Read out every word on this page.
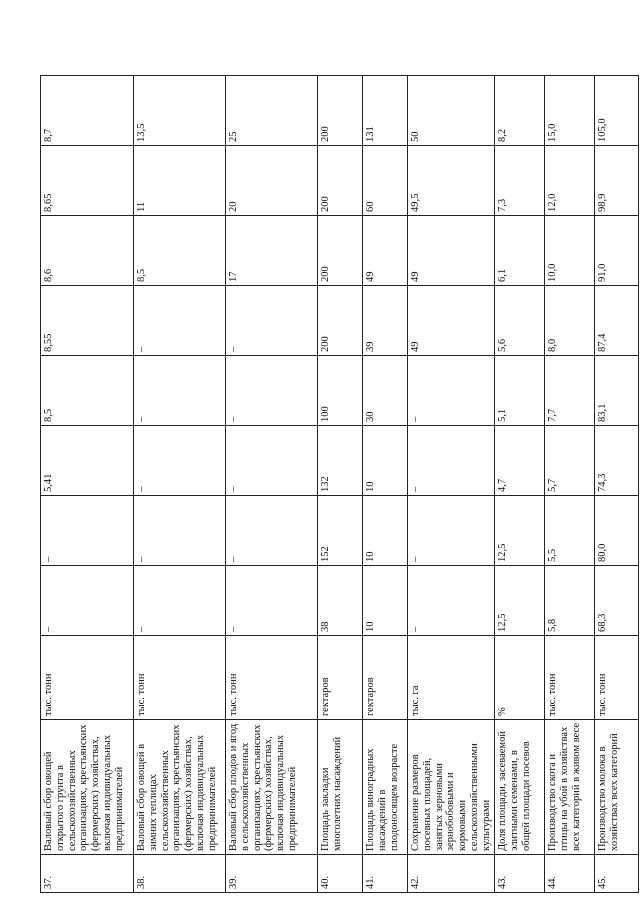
37.	Валовый сбор овощей открытого грунта в сельскохозяйственных организациях, крестьянских (фермерских) хозяйствах, включая индивидуальных предпринимателей	тыс. тонн	–	–	5,41	8,5	8,55	8,6	8,65	8,7
38.	Валовый сбор овощей в зимних теплицах сельскохозяйственных организациях, крестьянских (фермерских) хозяйствах, включая индивидуальных предпринимателей	тыс. тонн	–	–	–	–	–	8,5	11	13,5
39.	Валовый сбор плодов и ягод в сельскохозяйственных организациях, крестьянских (фермерских) хозяйствах, включая индивидуальных предпринимателей	тыс. тонн	–	–	–	–	–	17	20	25
40.	Площадь закладки многолетних насаждений	гектаров	38	152	132	100	200	200	200	200
41.	Площадь виноградных насаждений в плодоносящем возрасте	гектаров	10	10	10	30	39	49	60	131
42.	Сохранение размеров посевных площадей, занятых зерновыми зернобобовыми и кормовыми сельскохозяйственными культурами	тыс. га	–	–	–	–	49	49	49,5	50
43.	Доля площади, засеваемой элитными семенами, в общей площади посевов	%	12,5	12,5	4,7	5,1	5,6	6,1	7,3	8,2
44.	Производство скота и птицы на убой в хозяйствах всех категорий в живом весе	тыс. тонн	5,8	5,5	5,7	7,7	8,0	10,0	12,0	15,0
45.	Производство молока в хозяйствах всех категорий	тыс. тонн	68,3	80,0	74,3	83,1	87,4	91,0	98,9	105,0
